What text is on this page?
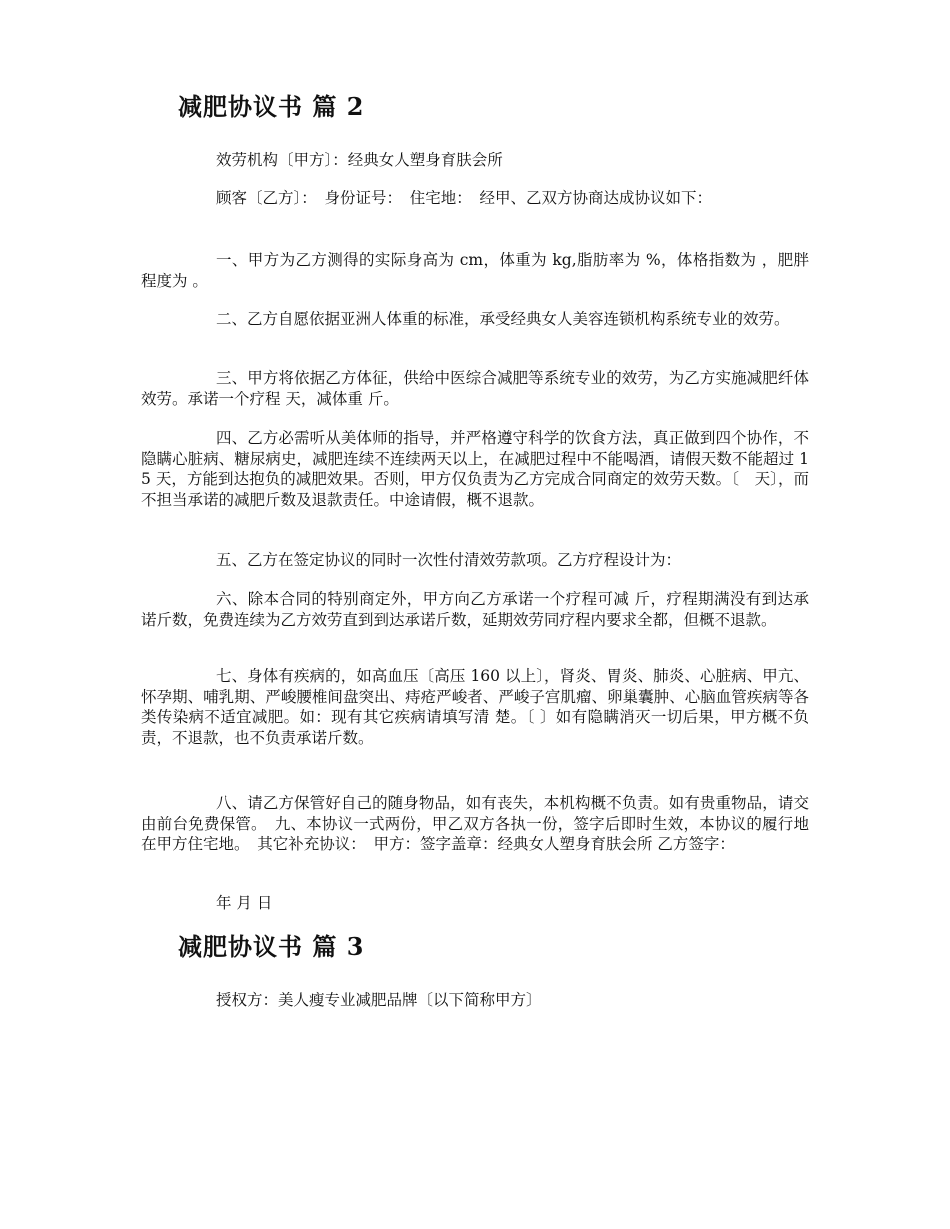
减肥协议书 篇 2

效劳机构〔甲方〕：经典女人塑身育肤会所

顾客〔乙方〕：　身份证号：　住宅地：　经甲、乙双方协商达成协议如下：

一、甲方为乙方测得的实际身高为 cm，体重为 kg,脂肪率为 %，体格指数为 ，肥胖程度为 。

二、乙方自愿依据亚洲人体重的标准，承受经典女人美容连锁机构系统专业的效劳。

三、甲方将依据乙方体征，供给中医综合减肥等系统专业的效劳，为乙方实施减肥纤体效劳。承诺一个疗程 天，减体重 斤。

四、乙方必需听从美体师的指导，并严格遵守科学的饮食方法，真正做到四个协作，不隐瞒心脏病、糖尿病史，减肥连续不连续两天以上，在减肥过程中不能喝酒，请假天数不能超过 15 天，方能到达抱负的减肥效果。否则，甲方仅负责为乙方完成合同商定的效劳天数。〔　天〕，而不担当承诺的减肥斤数及退款责任。中途请假，概不退款。

五、乙方在签定协议的同时一次性付清效劳款项。乙方疗程设计为：

六、除本合同的特别商定外，甲方向乙方承诺一个疗程可减 斤，疗程期满没有到达承诺斤数，免费连续为乙方效劳直到到达承诺斤数，延期效劳同疗程内要求全都，但概不退款。

七、身体有疾病的，如高血压〔高压 160 以上〕，肾炎、胃炎、肺炎、心脏病、甲亢、怀孕期、哺乳期、严峻腰椎间盘突出、痔疮严峻者、严峻子宫肌瘤、卵巢囊肿、心脑血管疾病等各类传染病不适宜减肥。如：现有其它疾病请填写清 楚。〔 〕如有隐瞒消灭一切后果，甲方概不负责，不退款，也不负责承诺斤数。

八、请乙方保管好自己的随身物品，如有丧失，本机构概不负责。如有贵重物品，请交由前台免费保管。　九、本协议一式两份，甲乙双方各执一份，签字后即时生效，本协议的履行地在甲方住宅地。　其它补充协议：　甲方：签字盖章：经典女人塑身育肤会所 乙方签字：

年 月 日

减肥协议书 篇 3

授权方：美人瘦专业减肥品牌〔以下简称甲方〕
